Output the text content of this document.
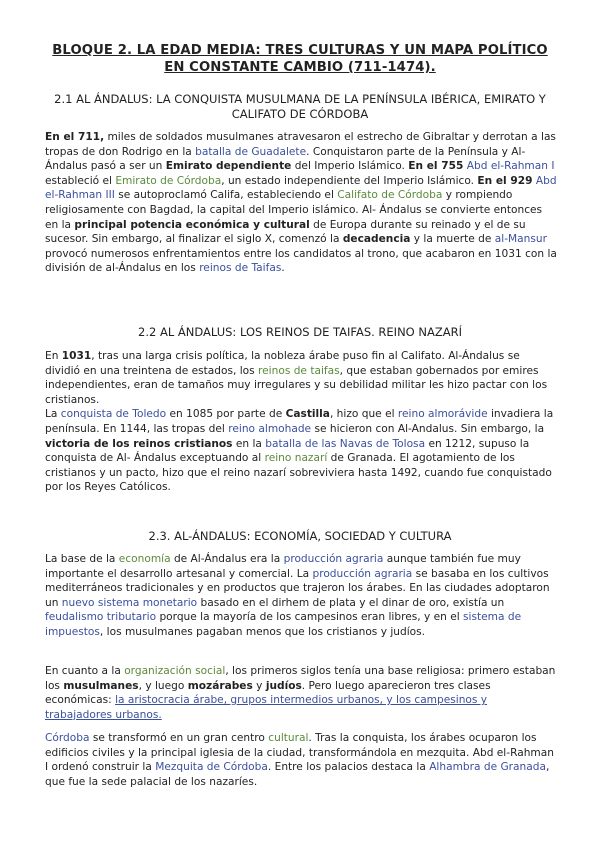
BLOQUE 2. LA EDAD MEDIA: TRES CULTURAS Y UN MAPA POLÍTICO EN CONSTANTE CAMBIO (711-1474).
2.1 AL ÁNDALUS: LA CONQUISTA MUSULMANA DE LA PENÍNSULA IBÉRICA, EMIRATO Y CALIFATO DE CÓRDOBA
En el 711, miles de soldados musulmanes atravesaron el estrecho de Gibraltar y derrotan a las tropas de don Rodrigo en la batalla de Guadalete. Conquistaron parte de la Península y Al- Ándalus pasó a ser un Emirato dependiente del Imperio Islámico. En el 755 Abd el-Rahman I estableció el Emirato de Córdoba, un estado independiente del Imperio Islámico. En el 929 Abd el-Rahman III se autoproclamó Califa, estableciendo el Califato de Córdoba y rompiendo religiosamente con Bagdad, la capital del Imperio islámico. Al- Ándalus se convierte entonces en la principal potencia económica y cultural de Europa durante su reinado y el de su sucesor. Sin embargo, al finalizar el siglo X, comenzó la decadencia y la muerte de al-Mansur provocó numerosos enfrentamientos entre los candidatos al trono, que acabaron en 1031 con la división de al-Ándalus en los reinos de Taifas.
2.2 AL ÁNDALUS: LOS REINOS DE TAIFAS. REINO NAZARÍ
En 1031, tras una larga crisis política, la nobleza árabe puso fin al Califato. Al-Ándalus se dividió en una treintena de estados, los reinos de taifas, que estaban gobernados por emires independientes, eran de tamaños muy irregulares y su debilidad militar les hizo pactar con los cristianos.
La conquista de Toledo en 1085 por parte de Castilla, hizo que el reino almorávide invadiera la península. En 1144, las tropas del reino almohade se hicieron con Al-Andalus. Sin embargo, la victoria de los reinos cristianos en la batalla de las Navas de Tolosa en 1212, supuso la conquista de Al- Ándalus exceptuando al reino nazarí de Granada. El agotamiento de los cristianos y un pacto, hizo que el reino nazarí sobreviviera hasta 1492, cuando fue conquistado por los Reyes Católicos.
2.3. AL-ÁNDALUS: ECONOMÍA, SOCIEDAD Y CULTURA
La base de la economía de Al-Ándalus era la producción agraria aunque también fue muy importante el desarrollo artesanal y comercial. La producción agraria se basaba en los cultivos mediterráneos tradicionales y en productos que trajeron los árabes. En las ciudades adoptaron un nuevo sistema monetario basado en el dirhem de plata y el dinar de oro, existía un feudalismo tributario porque la mayoría de los campesinos eran libres, y en el sistema de impuestos, los musulmanes pagaban menos que los cristianos y judíos.
En cuanto a la organización social, los primeros siglos tenía una base religiosa: primero estaban los musulmanes, y luego mozárabes y judíos. Pero luego aparecieron tres clases económicas: la aristocracia árabe, grupos intermedios urbanos, y los campesinos y trabajadores urbanos.
Córdoba se transformó en un gran centro cultural. Tras la conquista, los árabes ocuparon los edificios civiles y la principal iglesia de la ciudad, transformándola en mezquita. Abd el-Rahman I ordenó construir la Mezquita de Córdoba. Entre los palacios destaca la Alhambra de Granada, que fue la sede palacial de los nazaríes.
